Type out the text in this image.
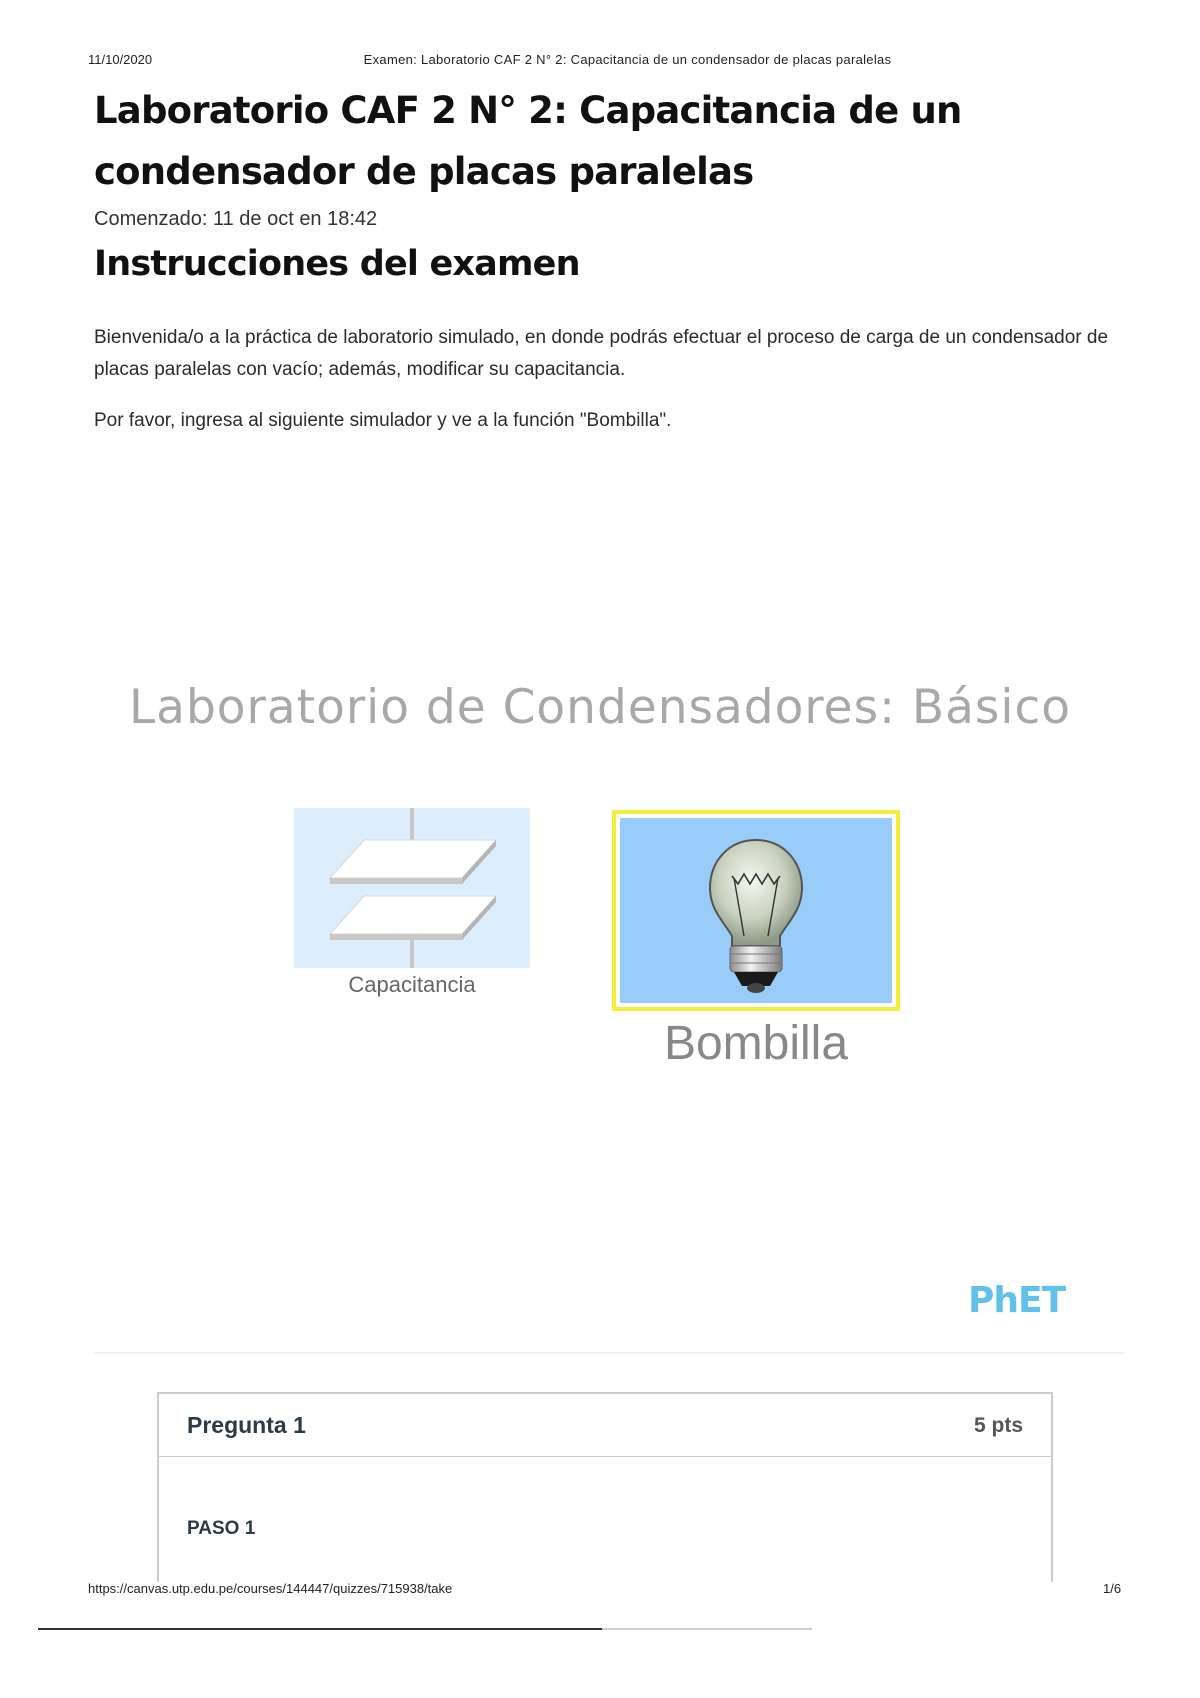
11/10/2020	Examen: Laboratorio CAF 2 N° 2: Capacitancia de un condensador de placas paralelas
Laboratorio CAF 2 N° 2: Capacitancia de un condensador de placas paralelas
Comenzado: 11 de oct en 18:42
Instrucciones del examen
Bienvenida/o a la práctica de laboratorio simulado, en donde podrás efectuar el proceso de carga de un condensador de placas paralelas con vacío; además, modificar su capacitancia.
Por favor, ingresa al siguiente simulador y ve a la función "Bombilla".
Laboratorio de Condensadores: Básico
Capacitancia
Bombilla
PhET
Pregunta 1	5 pts
PASO 1
https://canvas.utp.edu.pe/courses/144447/quizzes/715938/take	1/6
